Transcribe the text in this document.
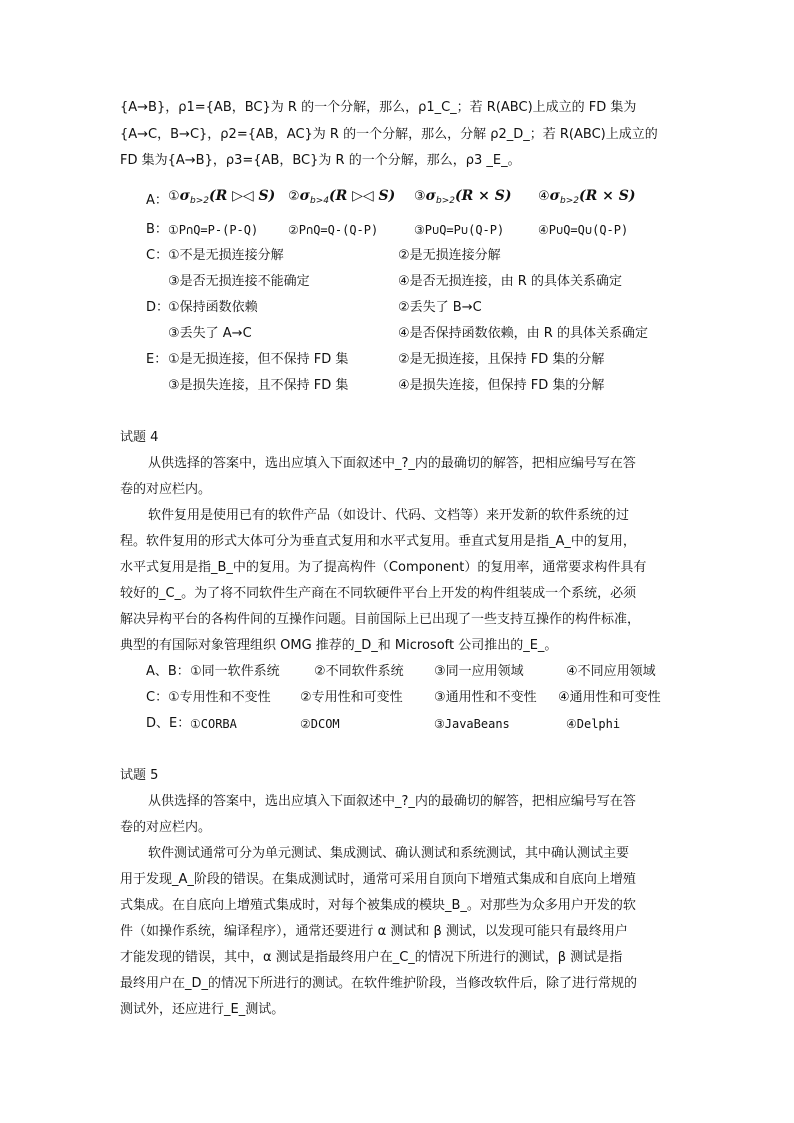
{A→B}，ρ1={AB，BC}为 R 的一个分解，那么，ρ1_C_；若 R(ABC)上成立的 FD 集为
{A→C，B→C}，ρ2={AB，AC}为 R 的一个分解，那么，分解 ρ2_D_；若 R(ABC)上成立的
FD 集为{A→B}，ρ3={AB，BC}为 R 的一个分解，那么，ρ3 _E_。
A： $①\sigma_{b>2}(R$ ▷◁ S) $②\sigma_{b>4}(R$ ▷◁ S) $③\sigma_{b>2}(R \times S)$ $④\sigma_{b>2}(R \times S)$
B： ①P∩Q=P-(P-Q) ②P∩Q=Q-(Q-P)	③P∪Q=P∪(Q-P)	④P∪Q=Q∪(Q-P)
C： ①不是无损连接分解	②是无损连接分解
③是否无损连接不能确定	④是否无损连接，由 R 的具体关系确定
D：
①保持函数依赖	②丢失了 B→C
③丢失了 A→C	④是否保持函数依赖，由 R 的具体关系确定
E： ①是无损连接，但不保持 FD 集	②是无损连接，且保持 FD 集的分解
③是损失连接，且不保持 FD 集	④是损失连接，但保持 FD 集的分解
试题 4
从供选择的答案中，选出应填入下面叙述中_?_内的最确切的解答，把相应编号写在答
卷的对应栏内。
软件复用是使用已有的软件产品（如设计、代码、文档等）来开发新的软件系统的过
程。软件复用的形式大体可分为垂直式复用和水平式复用。垂直式复用是指_A_中的复用，
水平式复用是指_B_中的复用。为了提高构件（Component）的复用率，通常要求构件具有
较好的_C_。为了将不同软件生产商在不同软硬件平台上开发的构件组装成一个系统，必须
解决异构平台的各构件间的互操作问题。目前国际上已出现了一些支持互操作的构件标准，
典型的有国际对象管理组织 OMG 推荐的_D_和 Microsoft 公司推出的_E_。
A、B： ①同一软件系统	②不同软件系统 ③同一应用领域	④不同应用领域
C： ①专用性和不变性 ②专用性和可变性 ③通用性和不变性 ④通用性和可变性
D、E： ①CORBA	②DCOM	③JavaBeans	④Delphi
试题 5
从供选择的答案中，选出应填入下面叙述中_?_内的最确切的解答，把相应编号写在答
卷的对应栏内。
软件测试通常可分为单元测试、集成测试、确认测试和系统测试，其中确认测试主要
用于发现_A_阶段的错误。在集成测试时，通常可采用自顶向下增殖式集成和自底向上增殖
式集成。在自底向上增殖式集成时，对每个被集成的模块_B_。对那些为众多用户开发的软
件（如操作系统，编译程序），通常还要进行 α 测试和 β 测试，以发现可能只有最终用户
才能发现的错误，其中，α 测试是指最终用户在_C_的情况下所进行的测试，β 测试是指
最终用户在_D_的情况下所进行的测试。在软件维护阶段，当修改软件后，除了进行常规的
测试外，还应进行_E_测试。
